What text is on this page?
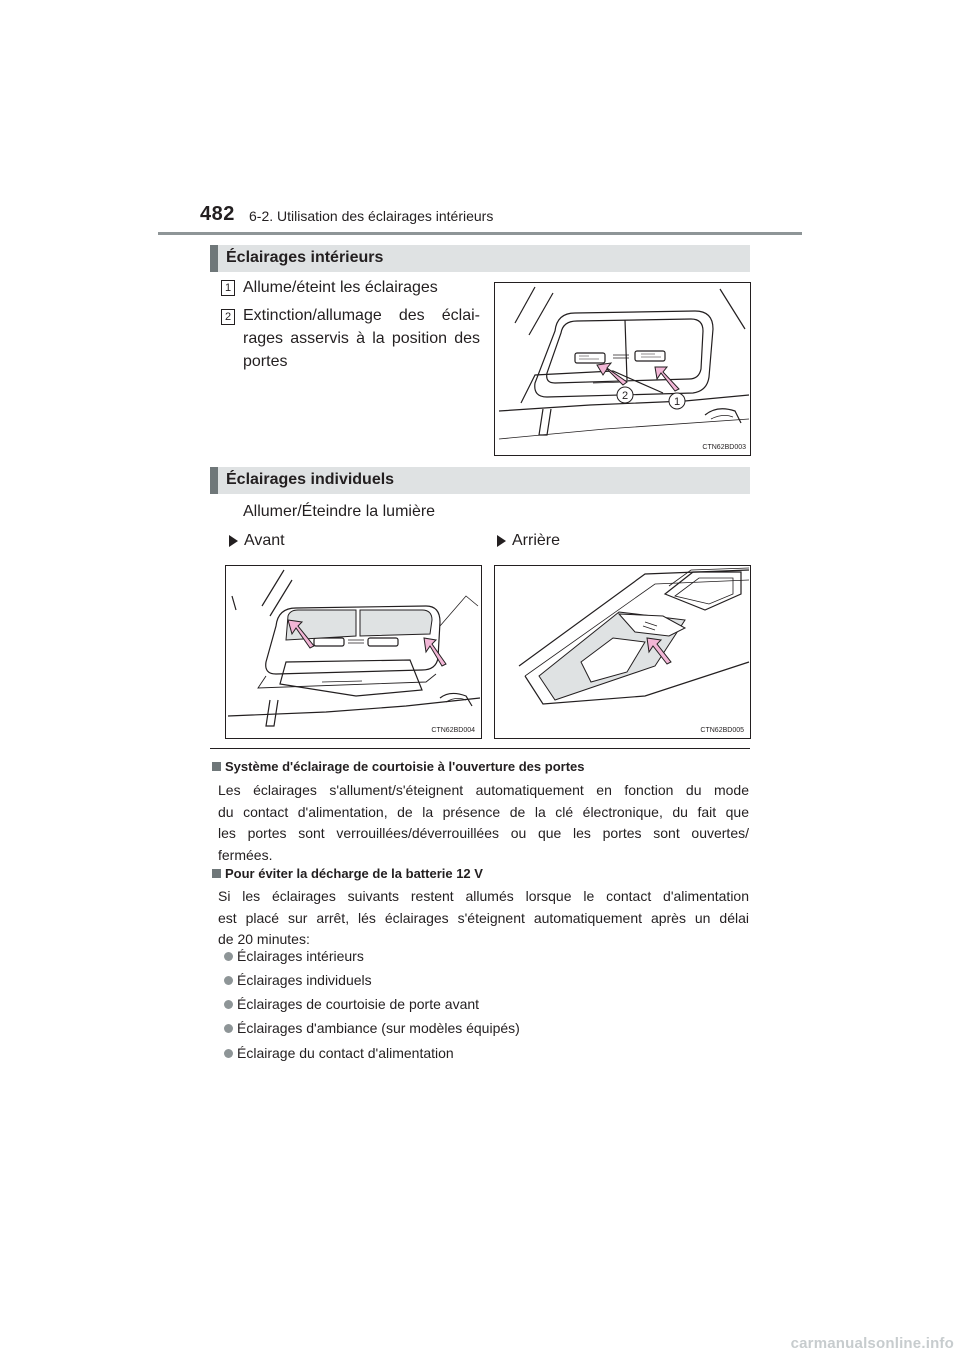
482 6-2. Utilisation des éclairages intérieurs
Éclairages intérieurs
1 Allume/éteint les éclairages
2 Extinction/allumage des éclai-
rages asservis à la position des
portes
2	1
CTN62BD003
Éclairages individuels
Allumer/Éteindre la lumière
Avant	Arrière
CTN62BD004	CTN62BD005
Système d'éclairage de courtoisie à l'ouverture des portes
Les éclairages s'allument/s'éteignent automatiquement en fonction du mode
du contact d'alimentation, de la présence de la clé électronique, du fait que
les portes sont verrouillées/déverrouillées ou que les portes sont ouvertes/
fermées.
Pour éviter la décharge de la batterie 12 V
Si les éclairages suivants restent allumés lorsque le contact d'alimentation
est placé sur arrêt, lés éclairages s'éteignent automatiquement après un délai
de 20 minutes:
Éclairages intérieurs
Éclairages individuels
Éclairages de courtoisie de porte avant
Éclairages d'ambiance (sur modèles équipés)
Éclairage du contact d'alimentation
carmanualsonline.info
